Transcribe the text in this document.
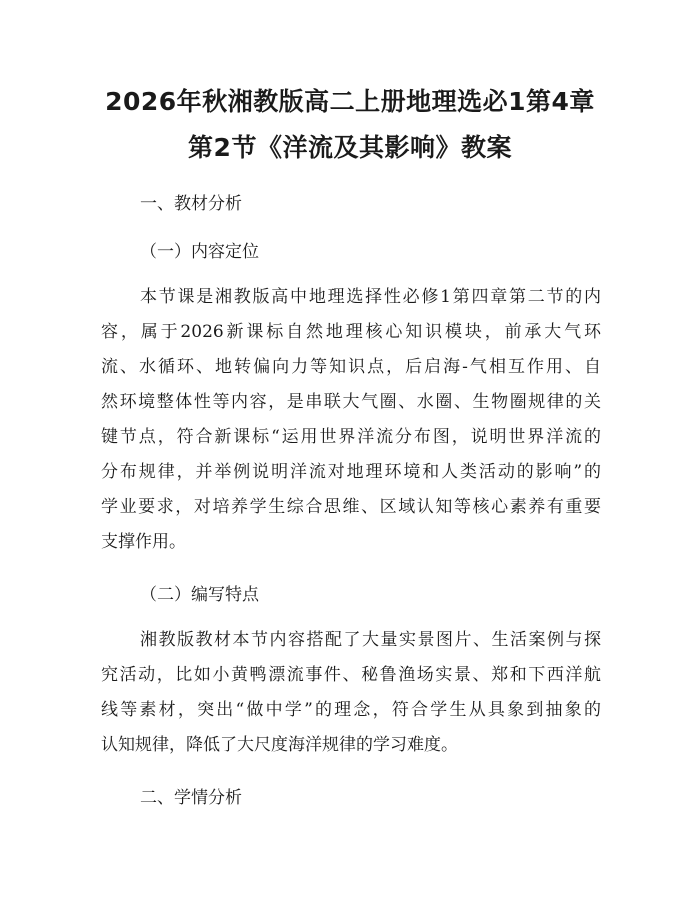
2026年秋湘教版高二上册地理选必1第4章
第2节《洋流及其影响》教案
一、教材分析
（一）内容定位
本节课是湘教版高中地理选择性必修1第四章第二节的内
容，属于2026新课标自然地理核心知识模块，前承大气环
流、水循环、地转偏向力等知识点，后启海-气相互作用、自
然环境整体性等内容，是串联大气圈、水圈、生物圈规律的关
键节点，符合新课标“运用世界洋流分布图，说明世界洋流的
分布规律，并举例说明洋流对地理环境和人类活动的影响”的
学业要求，对培养学生综合思维、区域认知等核心素养有重要
支撑作用。
（二）编写特点
湘教版教材本节内容搭配了大量实景图片、生活案例与探
究活动，比如小黄鸭漂流事件、秘鲁渔场实景、郑和下西洋航
线等素材，突出“做中学”的理念，符合学生从具象到抽象的
认知规律，降低了大尺度海洋规律的学习难度。
二、学情分析
